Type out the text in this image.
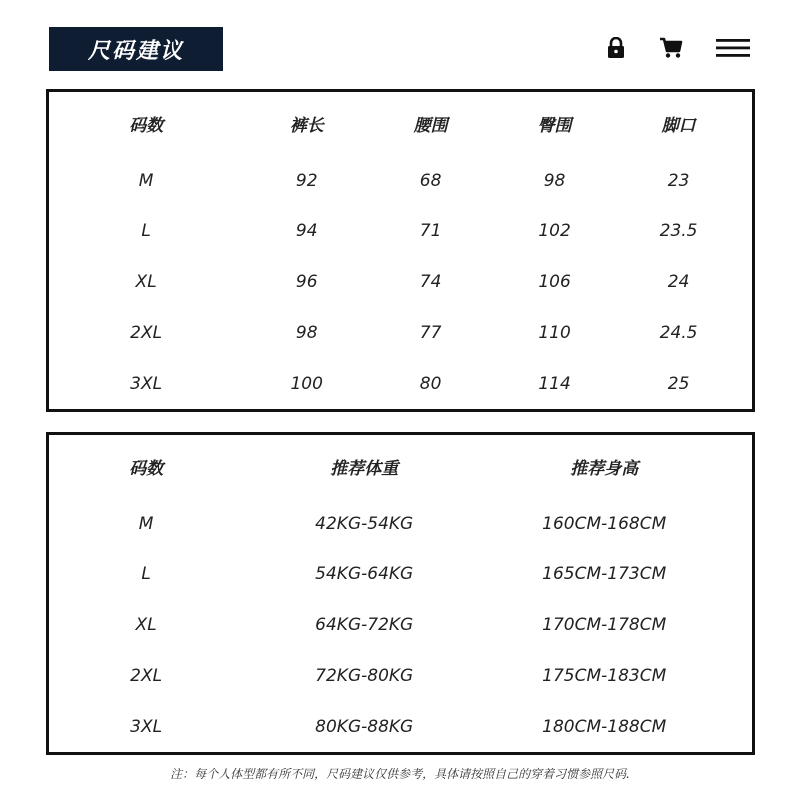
尺码建议
码数	裤长	腰围	臀围	脚口	
M	92	68	98	23	
L	94	71	102	23.5	
XL	96	74	106	24	
2XL	98	77	110	24.5	
3XL	100	80	114	25	
码数	推荐体重	推荐身高	
M	42KG-54KG	160CM-168CM	
L	54KG-64KG	165CM-173CM	
XL	64KG-72KG	170CM-178CM	
2XL	72KG-80KG	175CM-183CM	
3XL	80KG-88KG	180CM-188CM	
注：每个人体型都有所不同，尺码建议仅供参考，具体请按照自己的穿着习惯参照尺码.
